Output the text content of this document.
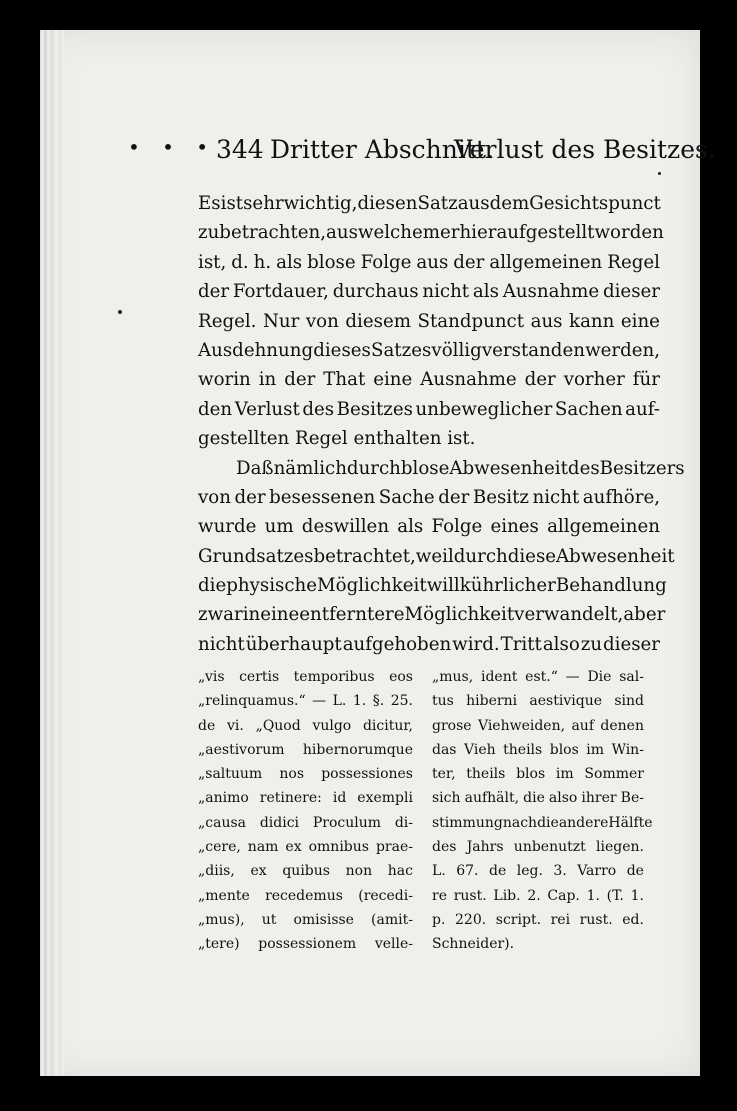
• • • 344 Dritter Abschnitt.
Verlust des Besitzes.
Es ist sehr wichtig, diesen Satz aus dem Gesichtspunct
zu betrachten, aus welchem er hier aufgestellt worden
ist, d. h. als blose Folge aus der allgemeinen Regel
der Fortdauer, durchaus nicht als Ausnahme dieser
Regel. Nur von diesem Standpunct aus kann eine
Ausdehnung dieses Satzes völlig verstanden werden,
worin in der That eine Ausnahme der vorher für
den Verlust des Besitzes unbeweglicher Sachen auf-
gestellten Regel enthalten ist.
Daß nämlich durch blose Abwesenheit des Besitzers
von der besessenen Sache der Besitz nicht aufhöre,
wurde um deswillen als Folge eines allgemeinen
Grundsatzes betrachtet, weil durch diese Abwesenheit
die physische Möglichkeit willkührlicher Behandlung
zwar in eine entferntere Möglichkeit verwandelt, aber
nicht überhaupt aufgehoben wird. Tritt also zu dieser
„vis certis temporibus eos
„relinquamus.“ — L. 1. §. 25.
de vi. „Quod vulgo dicitur,
„aestivorum hibernorumque
„saltuum nos possessiones
„animo retinere: id exempli
„causa didici Proculum di-
„cere, nam ex omnibus prae-
„diis, ex quibus non hac
„mente recedemus (recedi-
„mus), ut omisisse (amit-
„tere) possessionem velle-
„mus, ident est.“ — Die sal-
tus hiberni aestivique sind
grose Viehweiden, auf denen
das Vieh theils blos im Win-
ter, theils blos im Sommer
sich aufhält, die also ihrer Be-
stimmung nach die andere Hälfte
des Jahrs unbenutzt liegen.
L. 67. de leg. 3. Varro de
re rust. Lib. 2. Cap. 1. (T. 1.
p. 220. script. rei rust. ed.
Schneider).
